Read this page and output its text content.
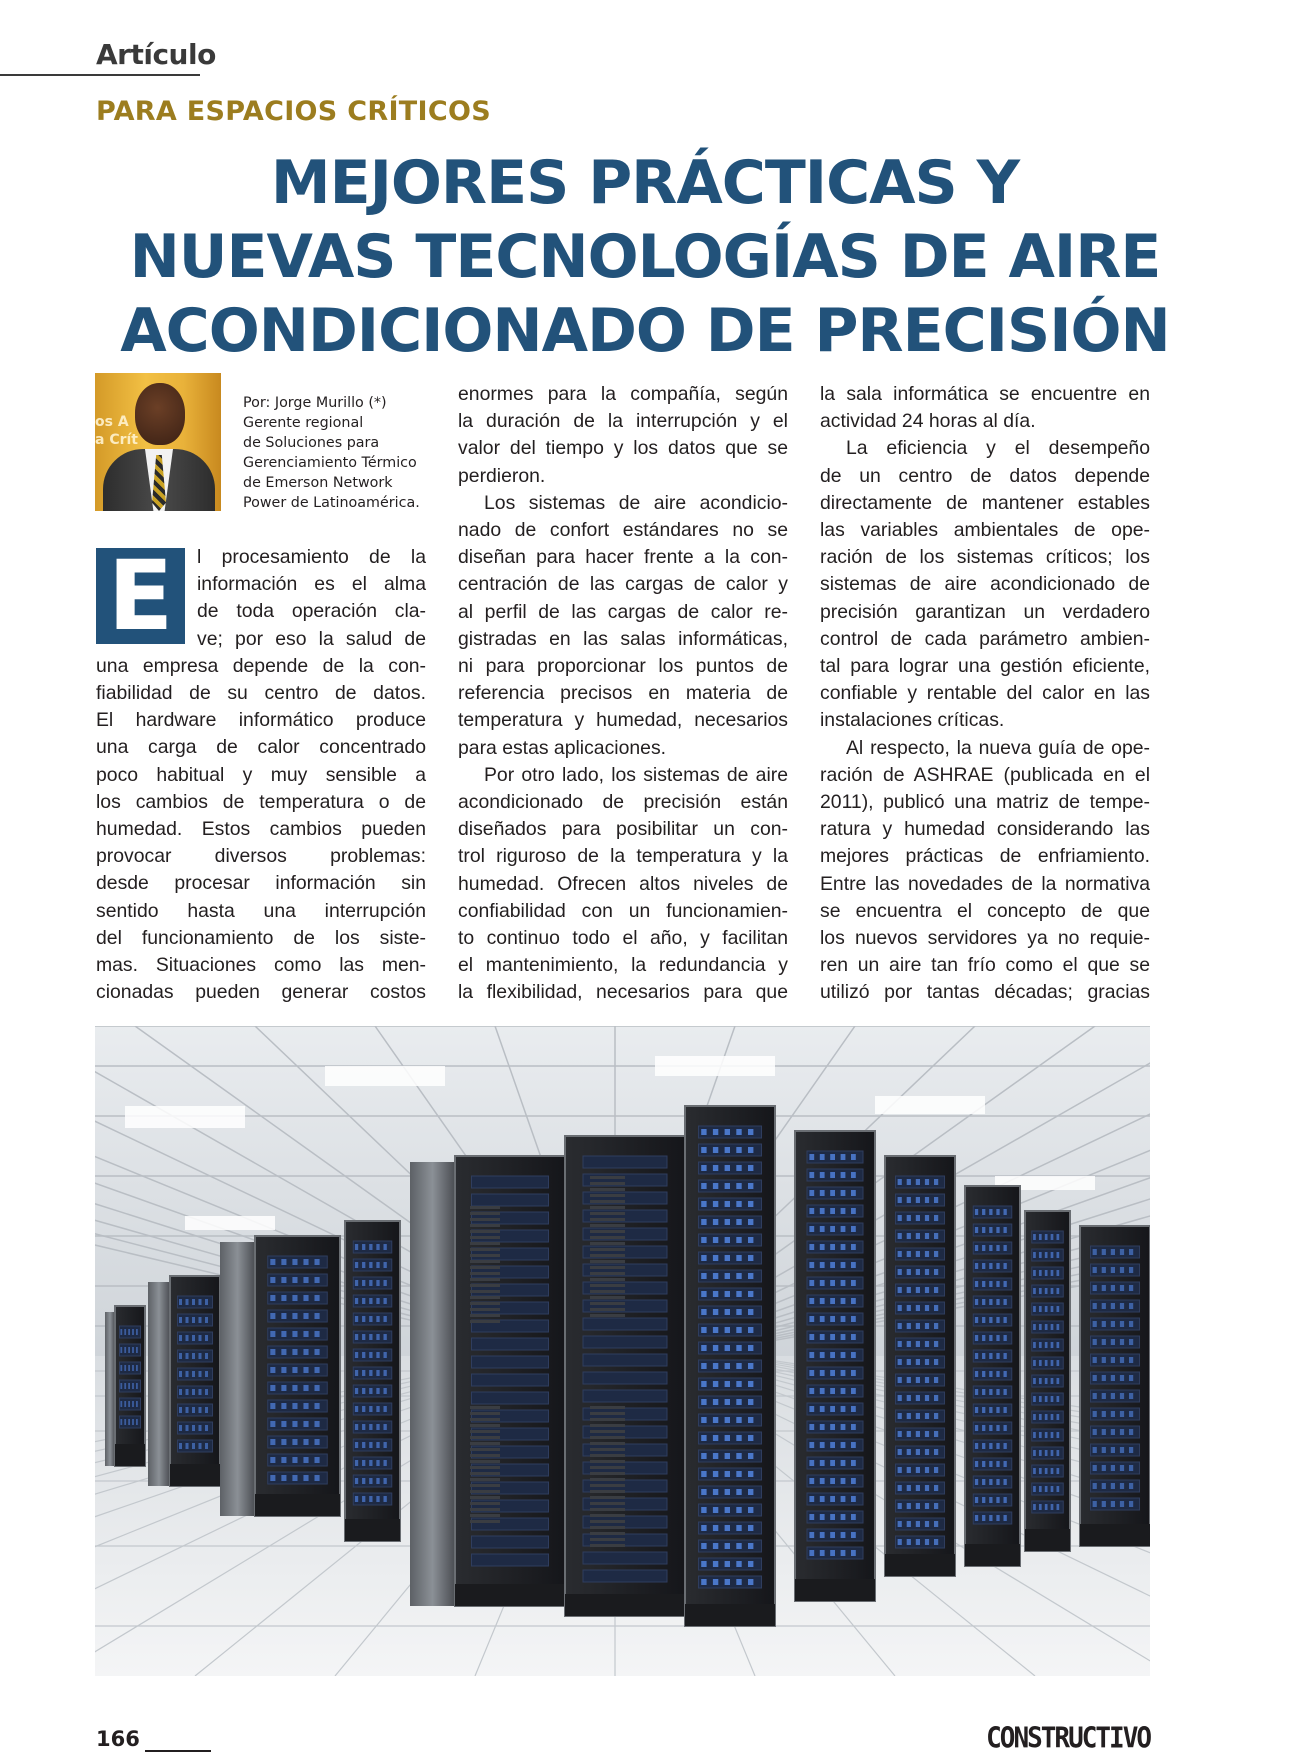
Artículo
PARA ESPACIOS CRÍTICOS
MEJORES PRÁCTICAS Y
NUEVAS TECNOLOGÍAS DE AIRE
ACONDICIONADO DE PRECISIÓN
os A
a Crít
Por: Jorge Murillo (*)
Gerente regional
de Soluciones para
Gerenciamiento Térmico
de Emerson Network
Power de Latinoamérica.
E	l procesamiento de la
información es el alma
de toda operación cla-
ve; por eso la salud de
una empresa depende de la con-
fiabilidad de su centro de datos.
El hardware informático produce
una carga de calor concentrado
poco habitual y muy sensible a
los cambios de temperatura o de
humedad. Estos cambios pueden
provocar diversos problemas:
desde procesar información sin
sentido hasta una interrupción
del funcionamiento de los siste-
mas. Situaciones como las men-
cionadas pueden generar costos
enormes para la compañía, según
la duración de la interrupción y el
valor del tiempo y los datos que se
perdieron.
Los sistemas de aire acondicio-
nado de confort estándares no se
diseñan para hacer frente a la con-
centración de las cargas de calor y
al perfil de las cargas de calor re-
gistradas en las salas informáticas,
ni para proporcionar los puntos de
referencia precisos en materia de
temperatura y humedad, necesarios
para estas aplicaciones.
Por otro lado, los sistemas de aire
acondicionado de precisión están
diseñados para posibilitar un con-
trol riguroso de la temperatura y la
humedad. Ofrecen altos niveles de
confiabilidad con un funcionamien-
to continuo todo el año, y facilitan
el mantenimiento, la redundancia y
la flexibilidad, necesarios para que
la sala informática se encuentre en
actividad 24 horas al día.
La eficiencia y el desempeño
de un centro de datos depende
directamente de mantener estables
las variables ambientales de ope-
ración de los sistemas críticos; los
sistemas de aire acondicionado de
precisión garantizan un verdadero
control de cada parámetro ambien-
tal para lograr una gestión eficiente,
confiable y rentable del calor en las
instalaciones críticas.
Al respecto, la nueva guía de ope-
ración de ASHRAE (publicada en el
2011), publicó una matriz de tempe-
ratura y humedad considerando las
mejores prácticas de enfriamiento.
Entre las novedades de la normativa
se encuentra el concepto de que
los nuevos servidores ya no requie-
ren un aire tan frío como el que se
utilizó por tantas décadas; gracias
166	CONSTRUCTIVO
